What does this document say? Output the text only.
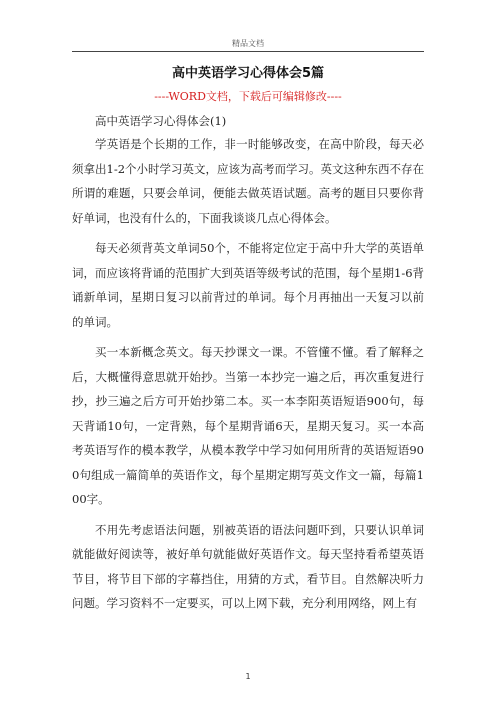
精品文档
高中英语学习心得体会5篇
----WORD文档，下载后可编辑修改----
高中英语学习心得体会(1)

学英语是个长期的工作，非一时能够改变，在高中阶段，每天必须拿出1-2个小时学习英文，应该为高考而学习。英文这种东西不存在所谓的难题，只要会单词，便能去做英语试题。高考的题目只要你背好单词，也没有什么的，下面我谈谈几点心得体会。

每天必须背英文单词50个，不能将定位定于高中升大学的英语单词，而应该将背诵的范围扩大到英语等级考试的范围，每个星期1-6背诵新单词，星期日复习以前背过的单词。每个月再抽出一天复习以前的单词。

买一本新概念英文。每天抄课文一课。不管懂不懂。看了解释之后，大概懂得意思就开始抄。当第一本抄完一遍之后，再次重复进行抄，抄三遍之后方可开始抄第二本。买一本李阳英语短语900句，每天背诵10句，一定背熟，每个星期背诵6天，星期天复习。买一本高考英语写作的模本教学，从模本教学中学习如何用所背的英语短语900句组成一篇简单的英语作文，每个星期定期写英文作文一篇，每篇100字。

不用先考虑语法问题，别被英语的语法问题吓到，只要认识单词就能做好阅读等，被好单句就能做好英语作文。每天坚持看希望英语节目，将节目下部的字幕挡住，用猜的方式，看节目。自然解决听力问题。学习资料不一定要买，可以上网下载，充分利用网络，网上有

1
